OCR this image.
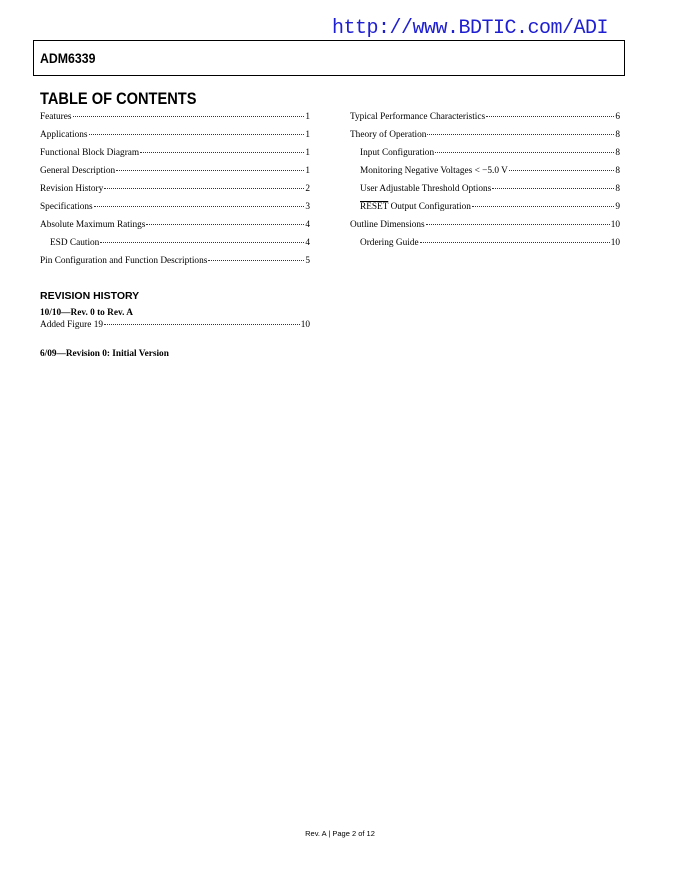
http://www.BDTIC.com/ADI
ADM6339
TABLE OF CONTENTS
Features	1
Applications	1
Functional Block Diagram	1
General Description	1
Revision History	2
Specifications	3
Absolute Maximum Ratings	4
ESD Caution	4
Pin Configuration and Function Descriptions	5
Typical Performance Characteristics	6
Theory of Operation	8
Input Configuration	8
Monitoring Negative Voltages < −5.0 V	8
User Adjustable Threshold Options	8
RESET Output Configuration	9
Outline Dimensions	10
Ordering Guide	10
REVISION HISTORY
10/10—Rev. 0 to Rev. A
Added Figure 19	10
6/09—Revision 0: Initial Version
Rev. A | Page 2 of 12
